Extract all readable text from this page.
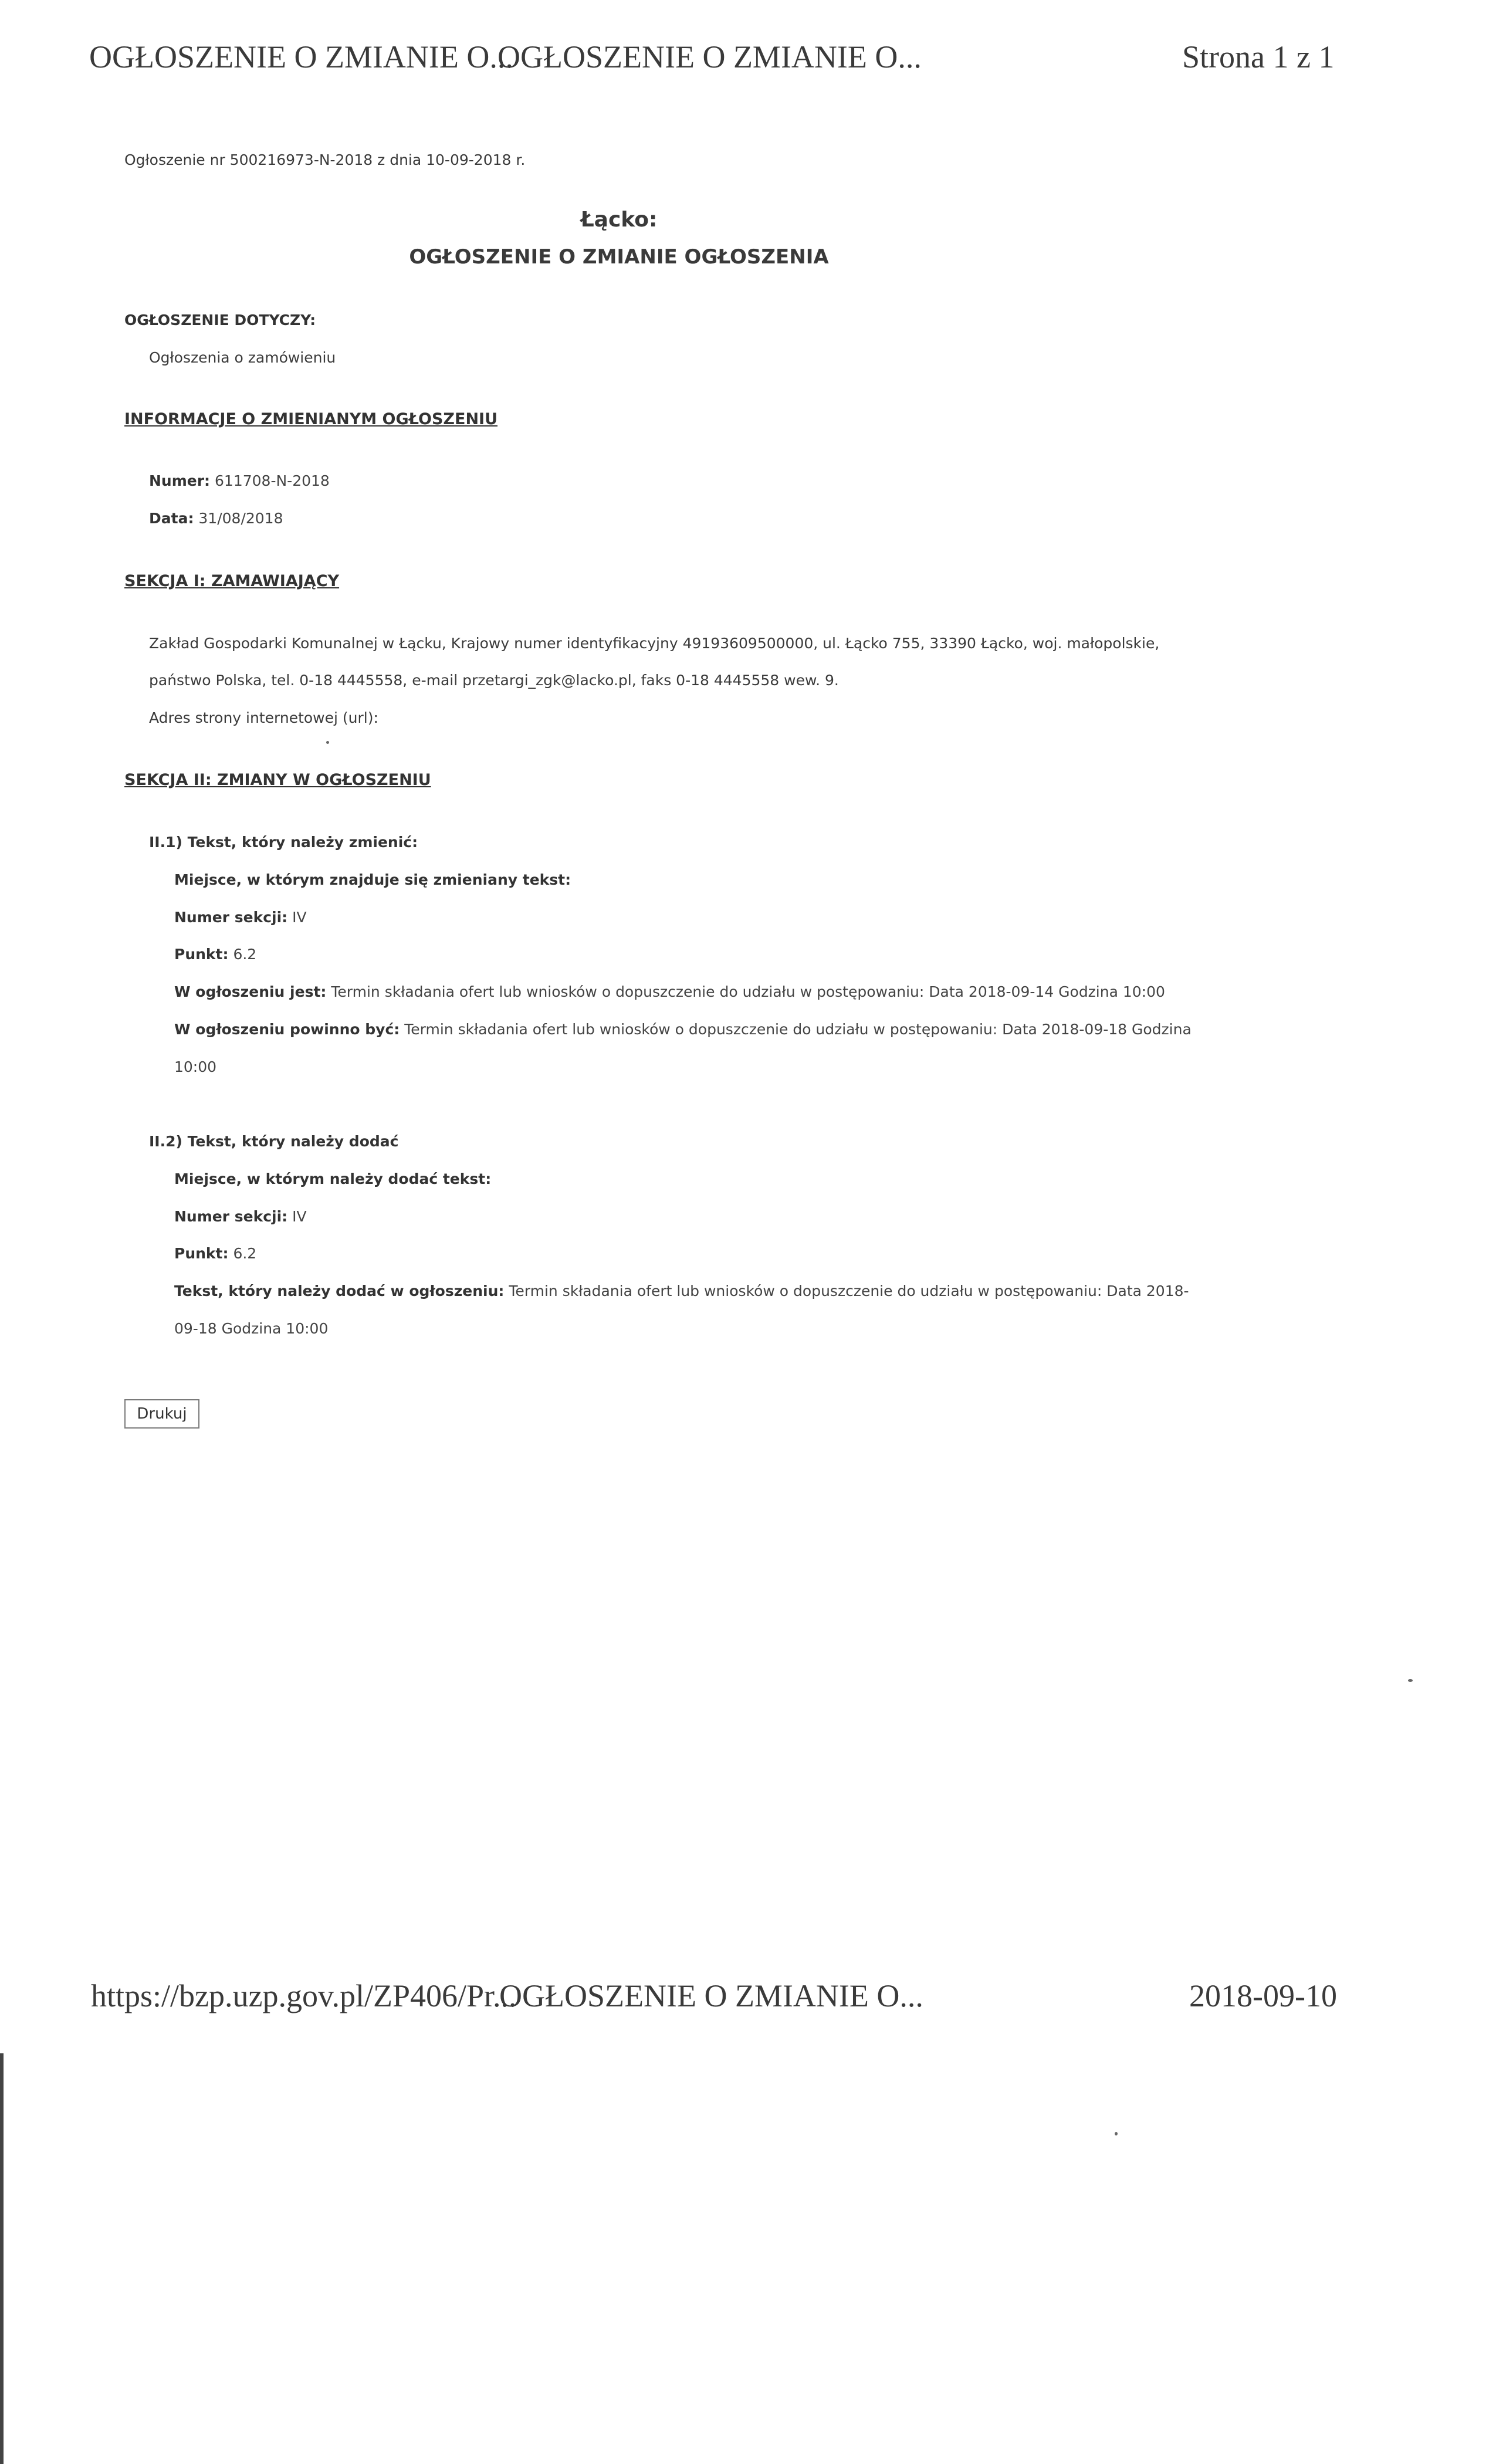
OGŁOSZENIE O ZMIANIE O...
OGŁOSZENIE O ZMIANIE O...	Strona 1 z 1
Ogłoszenie nr 500216973-N-2018 z dnia 10-09-2018 r.
Łącko:
OGŁOSZENIE O ZMIANIE OGŁOSZENIA
OGŁOSZENIE DOTYCZY:
Ogłoszenia o zamówieniu
INFORMACJE O ZMIENIANYM OGŁOSZENIU
Numer: 611708-N-2018
Data: 31/08/2018
SEKCJA I: ZAMAWIAJĄCY
Zakład Gospodarki Komunalnej w Łącku, Krajowy numer identyfikacyjny 49193609500000, ul. Łącko 755, 33390 Łącko, woj. małopolskie,
państwo Polska, tel. 0-18 4445558, e-mail przetargi_zgk@lacko.pl, faks 0-18 4445558 wew. 9.
Adres strony internetowej (url):
SEKCJA II: ZMIANY W OGŁOSZENIU
II.1) Tekst, który należy zmienić:
Miejsce, w którym znajduje się zmieniany tekst:
Numer sekcji: IV
Punkt: 6.2
W ogłoszeniu jest: Termin składania ofert lub wniosków o dopuszczenie do udziału w postępowaniu: Data 2018-09-14 Godzina 10:00
W ogłoszeniu powinno być: Termin składania ofert lub wniosków o dopuszczenie do udziału w postępowaniu: Data 2018-09-18 Godzina
10:00
II.2) Tekst, który należy dodać
Miejsce, w którym należy dodać tekst:
Numer sekcji: IV
Punkt: 6.2
Tekst, który należy dodać w ogłoszeniu: Termin składania ofert lub wniosków o dopuszczenie do udziału w postępowaniu: Data 2018-
09-18 Godzina 10:00
Drukuj
https://bzp.uzp.gov.pl/ZP406/Pr...
OGŁOSZENIE O ZMIANIE O...	2018-09-10
